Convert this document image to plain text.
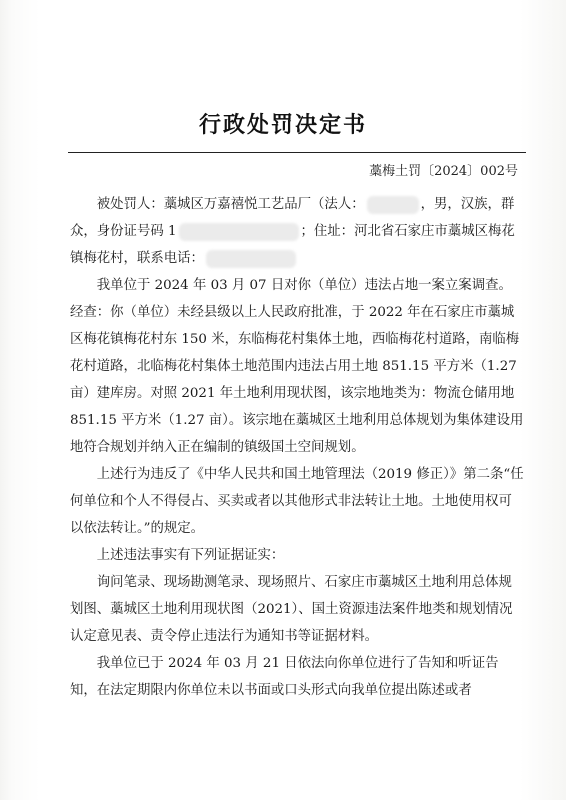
行政处罚决定书
藁梅土罚〔2024〕002号

被处罚人：藁城区万嘉禧悦工艺品厂（法人：	，男，汉族，群众，身份证号码 1	；住址：河北省石家庄市藁城区梅花镇梅花村，联系电话：

我单位于 2024 年 03 月 07 日对你（单位）违法占地一案立案调查。经查：你（单位）未经县级以上人民政府批准，于 2022 年在石家庄市藁城区梅花镇梅花村东 150 米，东临梅花村集体土地，西临梅花村道路，南临梅花村道路，北临梅花村集体土地范围内违法占用土地 851.15 平方米（1.27 亩）建库房。对照 2021 年土地利用现状图，该宗地地类为：物流仓储用地 851.15 平方米（1.27 亩）。该宗地在藁城区土地利用总体规划为集体建设用地符合规划并纳入正在编制的镇级国土空间规划。

上述行为违反了《中华人民共和国土地管理法（2019 修正）》第二条“任何单位和个人不得侵占、买卖或者以其他形式非法转让土地。土地使用权可以依法转让。”的规定。

上述违法事实有下列证据证实：

询问笔录、现场勘测笔录、现场照片、石家庄市藁城区土地利用总体规划图、藁城区土地利用现状图（2021）、国土资源违法案件地类和规划情况认定意见表、责令停止违法行为通知书等证据材料。

我单位已于 2024 年 03 月 21 日依法向你单位进行了告知和听证告知，在法定期限内你单位未以书面或口头形式向我单位提出陈述或者
